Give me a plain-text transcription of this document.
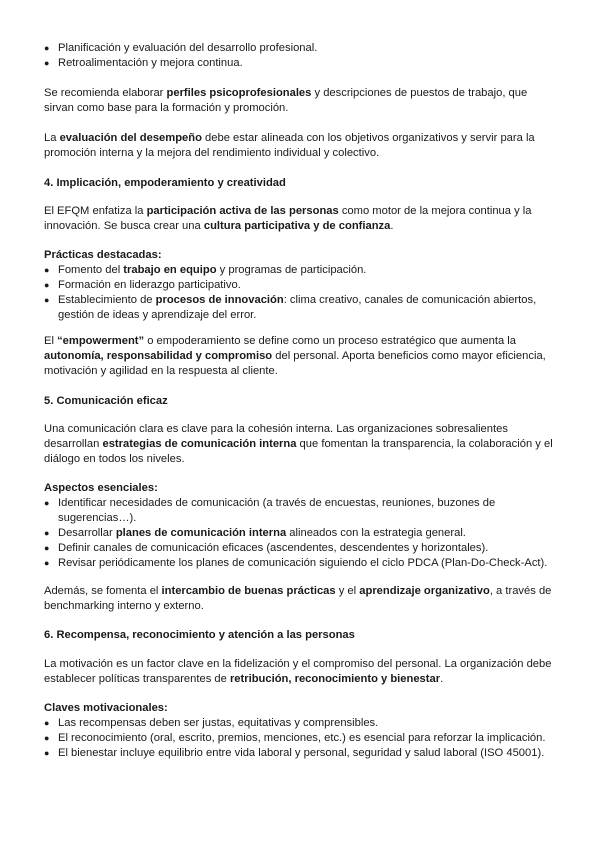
● Planificación y evaluación del desarrollo profesional.
● Retroalimentación y mejora continua.

Se recomienda elaborar perfiles psicoprofesionales y descripciones de puestos de trabajo, que sirvan como base para la formación y promoción.

La evaluación del desempeño debe estar alineada con los objetivos organizativos y servir para la promoción interna y la mejora del rendimiento individual y colectivo.

4. Implicación, empoderamiento y creatividad

El EFQM enfatiza la participación activa de las personas como motor de la mejora continua y la innovación. Se busca crear una cultura participativa y de confianza.

Prácticas destacadas:

● Fomento del trabajo en equipo y programas de participación.
● Formación en liderazgo participativo.
● Establecimiento de procesos de innovación: clima creativo, canales de comunicación abiertos, gestión de ideas y aprendizaje del error.

El “empowerment” o empoderamiento se define como un proceso estratégico que aumenta la autonomía, responsabilidad y compromiso del personal. Aporta beneficios como mayor eficiencia, motivación y agilidad en la respuesta al cliente.

5. Comunicación eficaz

Una comunicación clara es clave para la cohesión interna. Las organizaciones sobresalientes desarrollan estrategias de comunicación interna que fomentan la transparencia, la colaboración y el diálogo en todos los niveles.

Aspectos esenciales:

● Identificar necesidades de comunicación (a través de encuestas, reuniones, buzones de sugerencias…).
● Desarrollar planes de comunicación interna alineados con la estrategia general.
● Definir canales de comunicación eficaces (ascendentes, descendentes y horizontales).
● Revisar periódicamente los planes de comunicación siguiendo el ciclo PDCA (Plan-Do-Check-Act).

Además, se fomenta el intercambio de buenas prácticas y el aprendizaje organizativo, a través de benchmarking interno y externo.

6. Recompensa, reconocimiento y atención a las personas

La motivación es un factor clave en la fidelización y el compromiso del personal. La organización debe establecer políticas transparentes de retribución, reconocimiento y bienestar.

Claves motivacionales:

● Las recompensas deben ser justas, equitativas y comprensibles.
● El reconocimiento (oral, escrito, premios, menciones, etc.) es esencial para reforzar la implicación.
● El bienestar incluye equilibrio entre vida laboral y personal, seguridad y salud laboral (ISO 45001).
